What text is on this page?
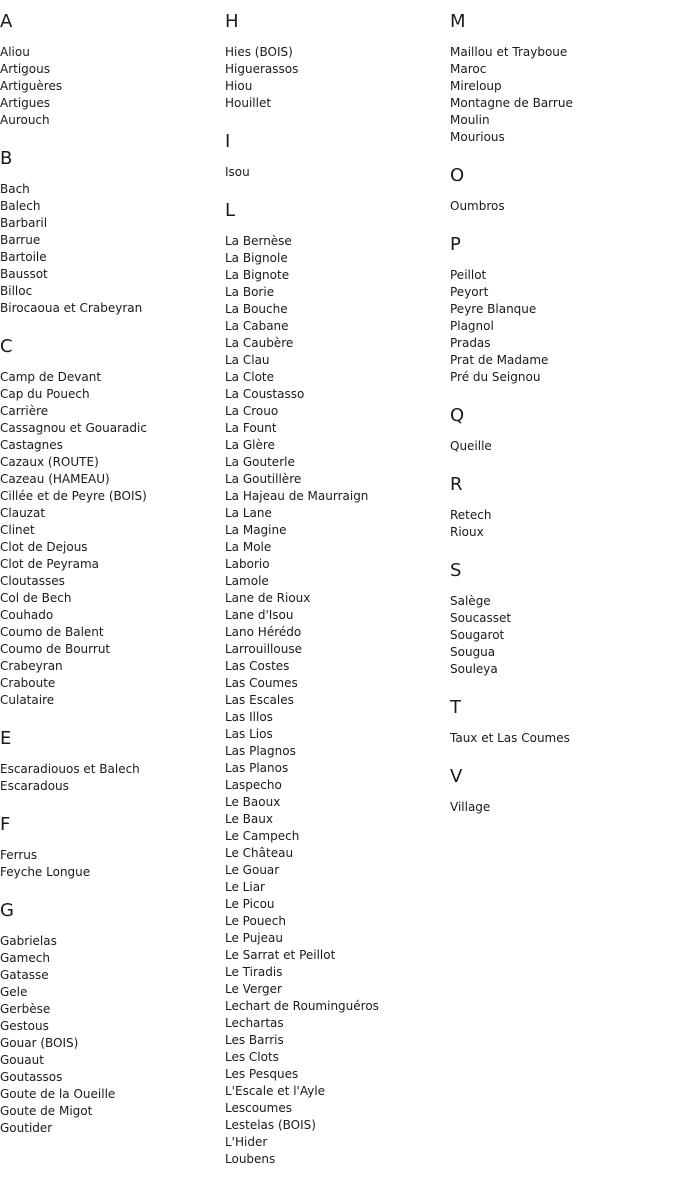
A
Aliou
Artigous
Artiguères
Artigues
Aurouch
B
Bach
Balech
Barbaril
Barrue
Bartoile
Baussot
Billoc
Birocaoua et Crabeyran
C
Camp de Devant
Cap du Pouech
Carrière
Cassagnou et Gouaradic
Castagnes
Cazaux (ROUTE)
Cazeau (HAMEAU)
Cillée et de Peyre (BOIS)
Clauzat
Clinet
Clot de Dejous
Clot de Peyrama
Cloutasses
Col de Bech
Couhado
Coumo de Balent
Coumo de Bourrut
Crabeyran
Craboute
Culataire
E
Escaradiouos et Balech
Escaradous
F
Ferrus
Feyche Longue
G
Gabrielas
Gamech
Gatasse
Gele
Gerbèse
Gestous
Gouar (BOIS)
Gouaut
Goutassos
Goute de la Oueille
Goute de Migot
Goutider
H
Hies (BOIS)
Higuerassos
Hiou
Houillet
I
Isou
L
La Bernèse
La Bignole
La Bignote
La Borie
La Bouche
La Cabane
La Caubère
La Clau
La Clote
La Coustasso
La Crouo
La Fount
La Glère
La Gouterle
La Goutillère
La Hajeau de Maurraign
La Lane
La Magine
La Mole
Laborio
Lamole
Lane de Rioux
Lane d'Isou
Lano Hérédo
Larrouillouse
Las Costes
Las Coumes
Las Escales
Las Illos
Las Lios
Las Plagnos
Las Planos
Laspecho
Le Baoux
Le Baux
Le Campech
Le Château
Le Gouar
Le Liar
Le Picou
Le Pouech
Le Pujeau
Le Sarrat et Peillot
Le Tiradis
Le Verger
Lechart de Rouminguéros
Lechartas
Les Barris
Les Clots
Les Pesques
L'Escale et l'Ayle
Lescoumes
Lestelas (BOIS)
L'Hider
Loubens
M
Maillou et Trayboue
Maroc
Mireloup
Montagne de Barrue
Moulin
Mourious
O
Oumbros
P
Peillot
Peyort
Peyre Blanque
Plagnol
Pradas
Prat de Madame
Pré du Seignou
Q
Queille
R
Retech
Rioux
S
Salège
Soucasset
Sougarot
Sougua
Souleya
T
Taux et Las Coumes
V
Village
